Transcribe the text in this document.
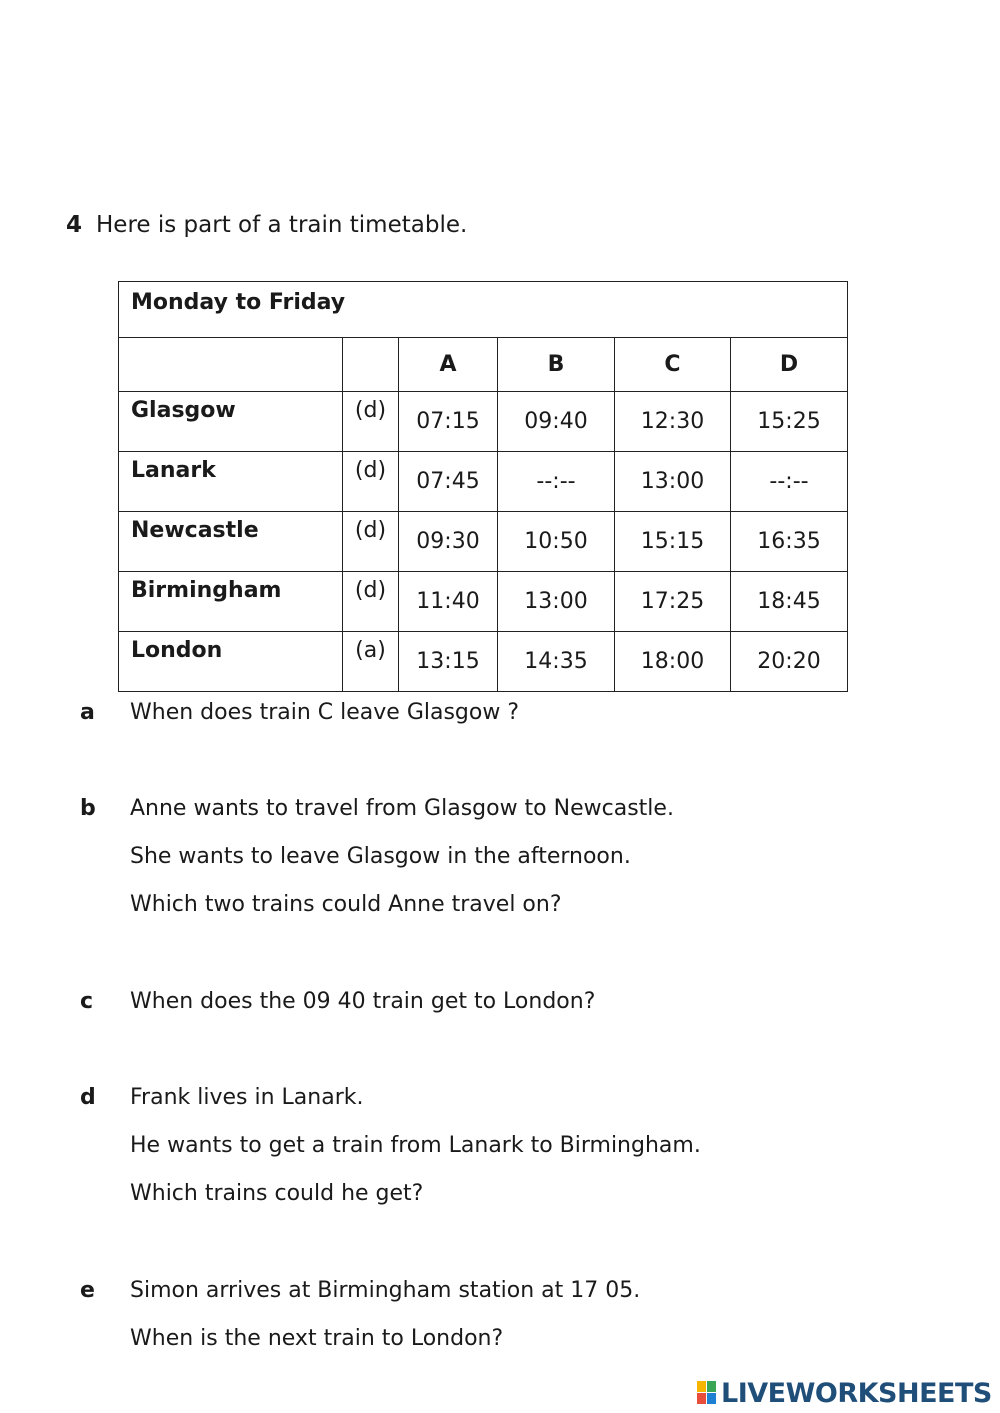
4 Here is part of a train timetable.
Monday to Friday					
		A	B	C	D
Glasgow	(d)	07:15	09:40	12:30	15:25
Lanark	(d)	07:45	--:--	13:00	--:--
Newcastle	(d)	09:30	10:50	15:15	16:35
Birmingham	(d)	11:40	13:00	17:25	18:45
London	(a)	13:15	14:35	18:00	20:20
a	When does train C leave Glasgow ?
b	Anne wants to travel from Glasgow to Newcastle.
She wants to leave Glasgow in the afternoon.
Which two trains could Anne travel on?
c	When does the 09 40 train get to London?
d	Frank lives in Lanark.
He wants to get a train from Lanark to Birmingham.
Which trains could he get?
e	Simon arrives at Birmingham station at 17 05.
When is the next train to London?
LIVEWORKSHEETS
